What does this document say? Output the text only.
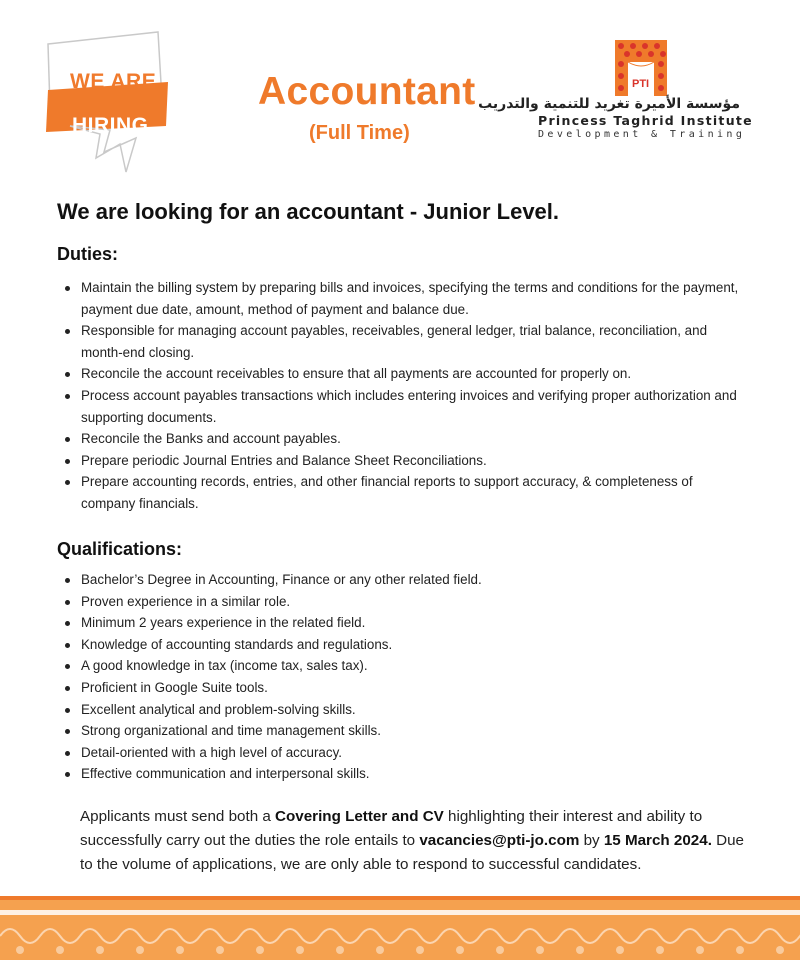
WE ARE
HIRING
Accountant
(Full Time)
PTI
مؤسسة الأميرة تغريد للتنمية والتدريب
Princess Taghrid Institute
Development & Training
We are looking for an accountant - Junior Level.
Duties:
Maintain the billing system by preparing bills and invoices, specifying the terms and conditions for the payment, payment due date, amount, method of payment and balance due.
Responsible for managing account payables, receivables, general ledger, trial balance, reconciliation, and month-end closing.
Reconcile the account receivables to ensure that all payments are accounted for properly on.
Process account payables transactions which includes entering invoices and verifying proper authorization and supporting documents.
Reconcile the Banks and account payables.
Prepare periodic Journal Entries and Balance Sheet Reconciliations.
Prepare accounting records, entries, and other financial reports to support accuracy, & completeness of company financials.
Qualifications:
Bachelor’s Degree in Accounting, Finance or any other related field.
Proven experience in a similar role.
Minimum 2 years experience in the related field.
Knowledge of accounting standards and regulations.
A good knowledge in tax (income tax, sales tax).
Proficient in Google Suite tools.
Excellent analytical and problem-solving skills.
Strong organizational and time management skills.
Detail-oriented with a high level of accuracy.
Effective communication and interpersonal skills.

Applicants must send both a Covering Letter and CV highlighting their interest and ability to successfully carry out the duties the role entails to vacancies@pti-jo.com by 15 March 2024. Due to the volume of applications, we are only able to respond to successful candidates.
